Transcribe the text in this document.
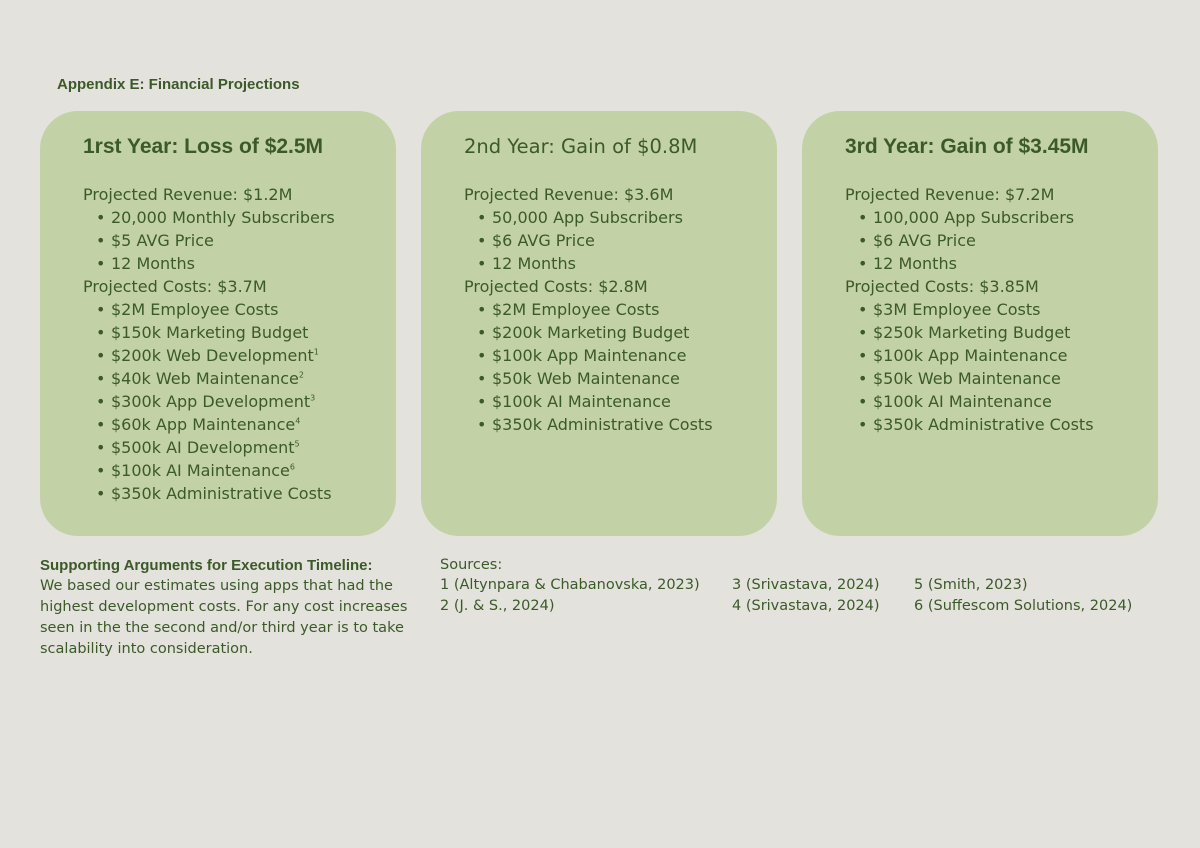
Appendix E: Financial Projections
1rst Year: Loss of $2.5M
Projected Revenue: $1.2M
• 20,000 Monthly Subscribers
• $5 AVG Price
• 12 Months
Projected Costs: $3.7M
• $2M Employee Costs
• $150k Marketing Budget
• $200k Web Development$^1$
• $40k Web Maintenance$^2$
• $300k App Development$^3$
• $60k App Maintenance$^4$
• $500k AI Development$^5$
• $100k AI Maintenance$^6$
• $350k Administrative Costs
2nd Year: Gain of $0.8M
Projected Revenue: $3.6M
• 50,000 App Subscribers
• $6 AVG Price
• 12 Months
Projected Costs: $2.8M
• $2M Employee Costs
• $200k Marketing Budget
• $100k App Maintenance
• $50k Web Maintenance
• $100k AI Maintenance
• $350k Administrative Costs
3rd Year: Gain of $3.45M
Projected Revenue: $7.2M
• 100,000 App Subscribers
• $6 AVG Price
• 12 Months
Projected Costs: $3.85M
• $3M Employee Costs
• $250k Marketing Budget
• $100k App Maintenance
• $50k Web Maintenance
• $100k AI Maintenance
• $350k Administrative Costs
Supporting Arguments for Execution Timeline:
We based our estimates using apps that had the highest development costs. For any cost increases seen in the the second and/or third year is to take scalability into consideration.
Sources:
1 (Altynpara & Chabanovska, 2023)
2 (J. & S., 2024)
3 (Srivastava, 2024)
4 (Srivastava, 2024)
5 (Smith, 2023)
6 (Suffescom Solutions, 2024)
